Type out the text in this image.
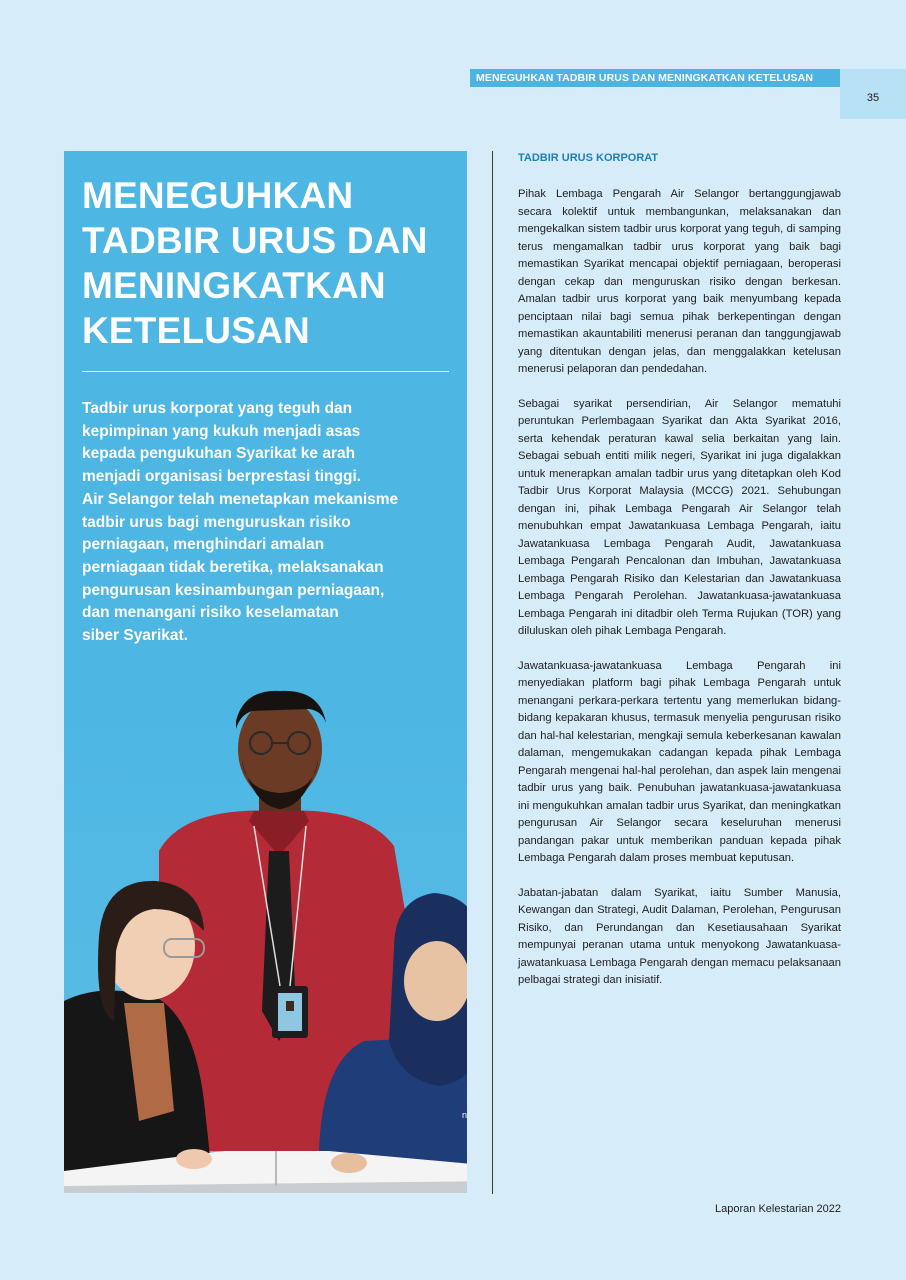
MENEGUHKAN TADBIR URUS DAN MENINGKATKAN KETELUSAN
35
MENEGUHKAN
TADBIR URUS DAN
MENINGKATKAN
KETELUSAN

Tadbir urus korporat yang teguh dan
kepimpinan yang kukuh menjadi asas
kepada pengukuhan Syarikat ke arah
menjadi organisasi berprestasi tinggi.
Air Selangor telah menetapkan mekanisme
tadbir urus bagi menguruskan risiko
perniagaan, menghindari amalan
perniagaan tidak beretika, melaksanakan
pengurusan kesinambungan perniagaan,
dan menangani risiko keselamatan
siber Syarikat.

ngor
TADBIR URUS KORPORAT

Pihak Lembaga Pengarah Air Selangor bertanggungjawab secara kolektif untuk membangunkan, melaksanakan dan mengekalkan sistem tadbir urus korporat yang teguh, di samping terus mengamalkan tadbir urus korporat yang baik bagi memastikan Syarikat mencapai objektif perniagaan, beroperasi dengan cekap dan menguruskan risiko dengan berkesan. Amalan tadbir urus korporat yang baik menyumbang kepada penciptaan nilai bagi semua pihak berkepentingan dengan memastikan akauntabiliti menerusi peranan dan tanggungjawab yang ditentukan dengan jelas, dan menggalakkan ketelusan menerusi pelaporan dan pendedahan.

Sebagai syarikat persendirian, Air Selangor mematuhi peruntukan Perlembagaan Syarikat dan Akta Syarikat 2016, serta kehendak peraturan kawal selia berkaitan yang lain. Sebagai sebuah entiti milik negeri, Syarikat ini juga digalakkan untuk menerapkan amalan tadbir urus yang ditetapkan oleh Kod Tadbir Urus Korporat Malaysia (MCCG) 2021. Sehubungan dengan ini, pihak Lembaga Pengarah Air Selangor telah menubuhkan empat Jawatankuasa Lembaga Pengarah, iaitu Jawatankuasa Lembaga Pengarah Audit, Jawatankuasa Lembaga Pengarah Pencalonan dan Imbuhan, Jawatankuasa Lembaga Pengarah Risiko dan Kelestarian dan Jawatankuasa Lembaga Pengarah Perolehan. Jawatankuasa-jawatankuasa Lembaga Pengarah ini ditadbir oleh Terma Rujukan (TOR) yang diluluskan oleh pihak Lembaga Pengarah.

Jawatankuasa-jawatankuasa Lembaga Pengarah ini menyediakan platform bagi pihak Lembaga Pengarah untuk menangani perkara-perkara tertentu yang memerlukan bidang-bidang kepakaran khusus, termasuk menyelia pengurusan risiko dan hal-hal kelestarian, mengkaji semula keberkesanan kawalan dalaman, mengemukakan cadangan kepada pihak Lembaga Pengarah mengenai hal-hal perolehan, dan aspek lain mengenai tadbir urus yang baik. Penubuhan jawatankuasa-jawatankuasa ini mengukuhkan amalan tadbir urus Syarikat, dan meningkatkan pengurusan Air Selangor secara keseluruhan menerusi pandangan pakar untuk memberikan panduan kepada pihak Lembaga Pengarah dalam proses membuat keputusan.

Jabatan-jabatan dalam Syarikat, iaitu Sumber Manusia, Kewangan dan Strategi, Audit Dalaman, Perolehan, Pengurusan Risiko, dan Perundangan dan Kesetiausahaan Syarikat mempunyai peranan utama untuk menyokong Jawatankuasa-jawatankuasa Lembaga Pengarah dengan memacu pelaksanaan pelbagai strategi dan inisiatif.

Laporan Kelestarian 2022
